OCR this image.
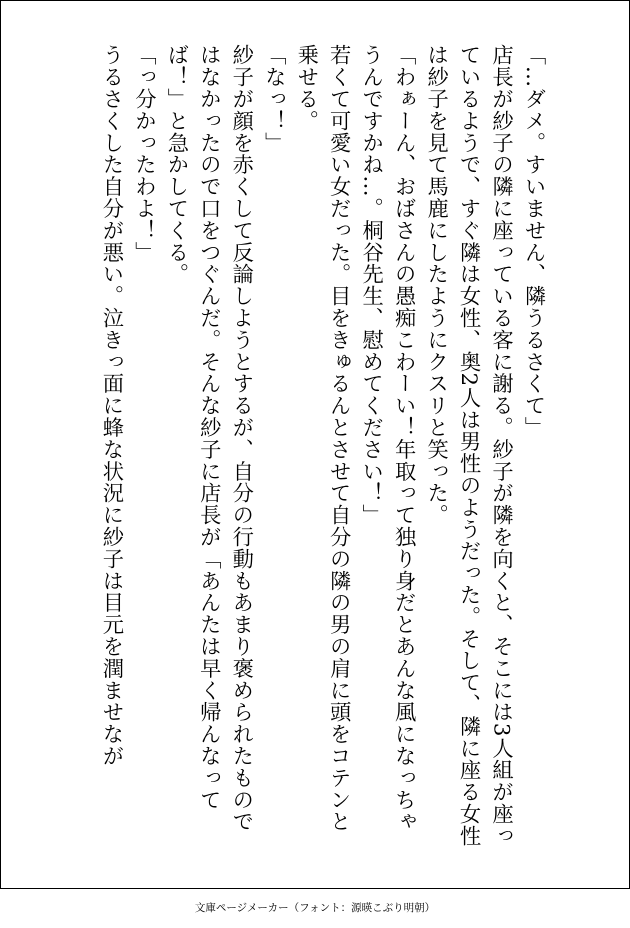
「…ダメ。すいません、隣うるさくて」

店長が紗子の隣に座っている客に謝る。紗子が隣を向くと、そこには3人組が座っているようで、すぐ隣は女性、奥2人は男性のようだった。そして、隣に座る女性は紗子を見て馬鹿にしたようにクスリと笑った。

「わぁーん、おばさんの愚痴こわーい！年取って独り身だとあんな風になっちゃうんですかね…。桐谷先生、慰めてください！」

若くて可愛い女だった。目をきゅるんとさせて自分の隣の男の肩に頭をコテンと乗せる。

「なっ！」

紗子が顔を赤くして反論しようとするが、自分の行動もあまり褒められたものではなかったので口をつぐんだ。そんな紗子に店長が「あんたは早く帰んなってば！」と急かしてくる。

「っ分かったわよ！」

うるさくした自分が悪い。泣きっ面に蜂な状況に紗子は目元を潤ませなが

文庫ページメーカー（フォント：源暎こぶり明朝）
